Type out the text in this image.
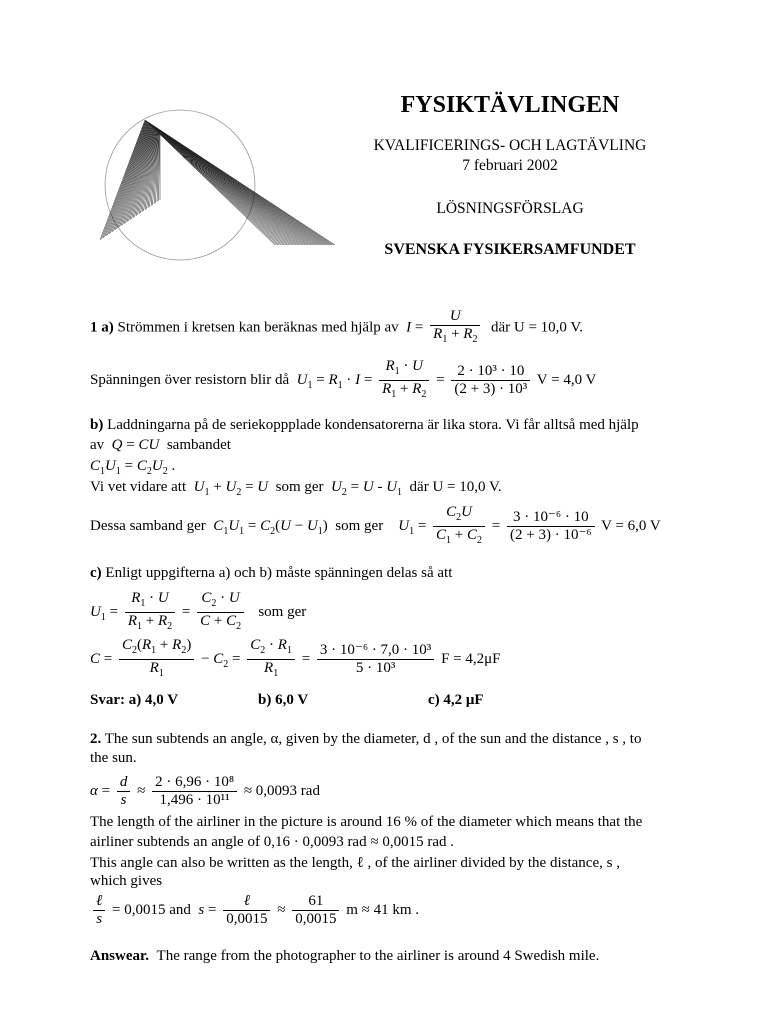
FYSIKTÄVLINGEN
KVALIFICERINGS- OCH LAGTÄVLING
7 februari 2002
LÖSNINGSFÖRSLAG
SVENSKA FYSIKERSAMFUNDET
1 a) Strömmen i kretsen kan beräknas med hjälp av $I = \frac{U}{R_1 + R_2}$ där U = 10,0 V.
Spänningen över resistorn blir då $U_1 = R_1 \cdot I = \frac{R_1 \cdot U}{R_1 + R_2} = \frac{\text{2 · 10³ · 10}}{\text{(2 + 3) · 10³}}$ V = 4,0 V
b) Laddningarna på de seriekoppplade kondensatorerna är lika stora. Vi får alltså med hjälp
av Q = CU sambandet
$C_1U_1 = C_2U_2$ .
Vi vet vidare att $U_1 + U_2 = U$ som ger $U_2 = U - U_1$ där U = 10,0 V.
Dessa samband ger $C_1U_1 = C_2(U - U_1)$  som ger $U_1 = \frac{C_2U}{C_1 + C_2} = \frac{\text{3 · 10⁻⁶ · 10}}{\text{(2 + 3) · 10⁻⁶}}$ V = 6,0 V
c) Enligt uppgifterna a) och b) måste spänningen delas så att
$U_1 = \frac{R_1 \cdot U}{R_1 + R_2} = \frac{C_2 \cdot U}{C + C_2}$ som ger
$C = \frac{C_2(R_1 + R_2)}{R_1} - C_2 = \frac{C_2 \cdot R_1}{R_1} = \frac{\text{3 · 10⁻⁶ · 7,0 · 10³}}{\text{5 · 10³}}$ F = 4,2μF
Svar: a) 4,0 V	b) 6,0 V	c) 4,2 μF
2. The sun subtends an angle, α, given by the diameter, d , of the sun and the distance , s , to
the sun.
$\alpha = \frac{d}{s} \approx \frac{\text{2 · 6,96 · 10⁸}}{\text{1,496 · 10¹¹}} \approx 0,0093$ rad
The length of the airliner in the picture is around 16 % of the diameter which means that the
airliner subtends an angle of 0,16 · 0,0093 rad ≈ 0,0015 rad .
This angle can also be written as the length, ℓ , of the airliner divided by the distance, s ,
which gives
$\frac{\text{ℓ}}{s} = 0,0015$ and $s = \frac{\text{ℓ}}{0,0015} \approx \frac{61}{0,0015}$ m ≈ 41 km .
Answear. The range from the photographer to the airliner is around 4 Swedish mile.
